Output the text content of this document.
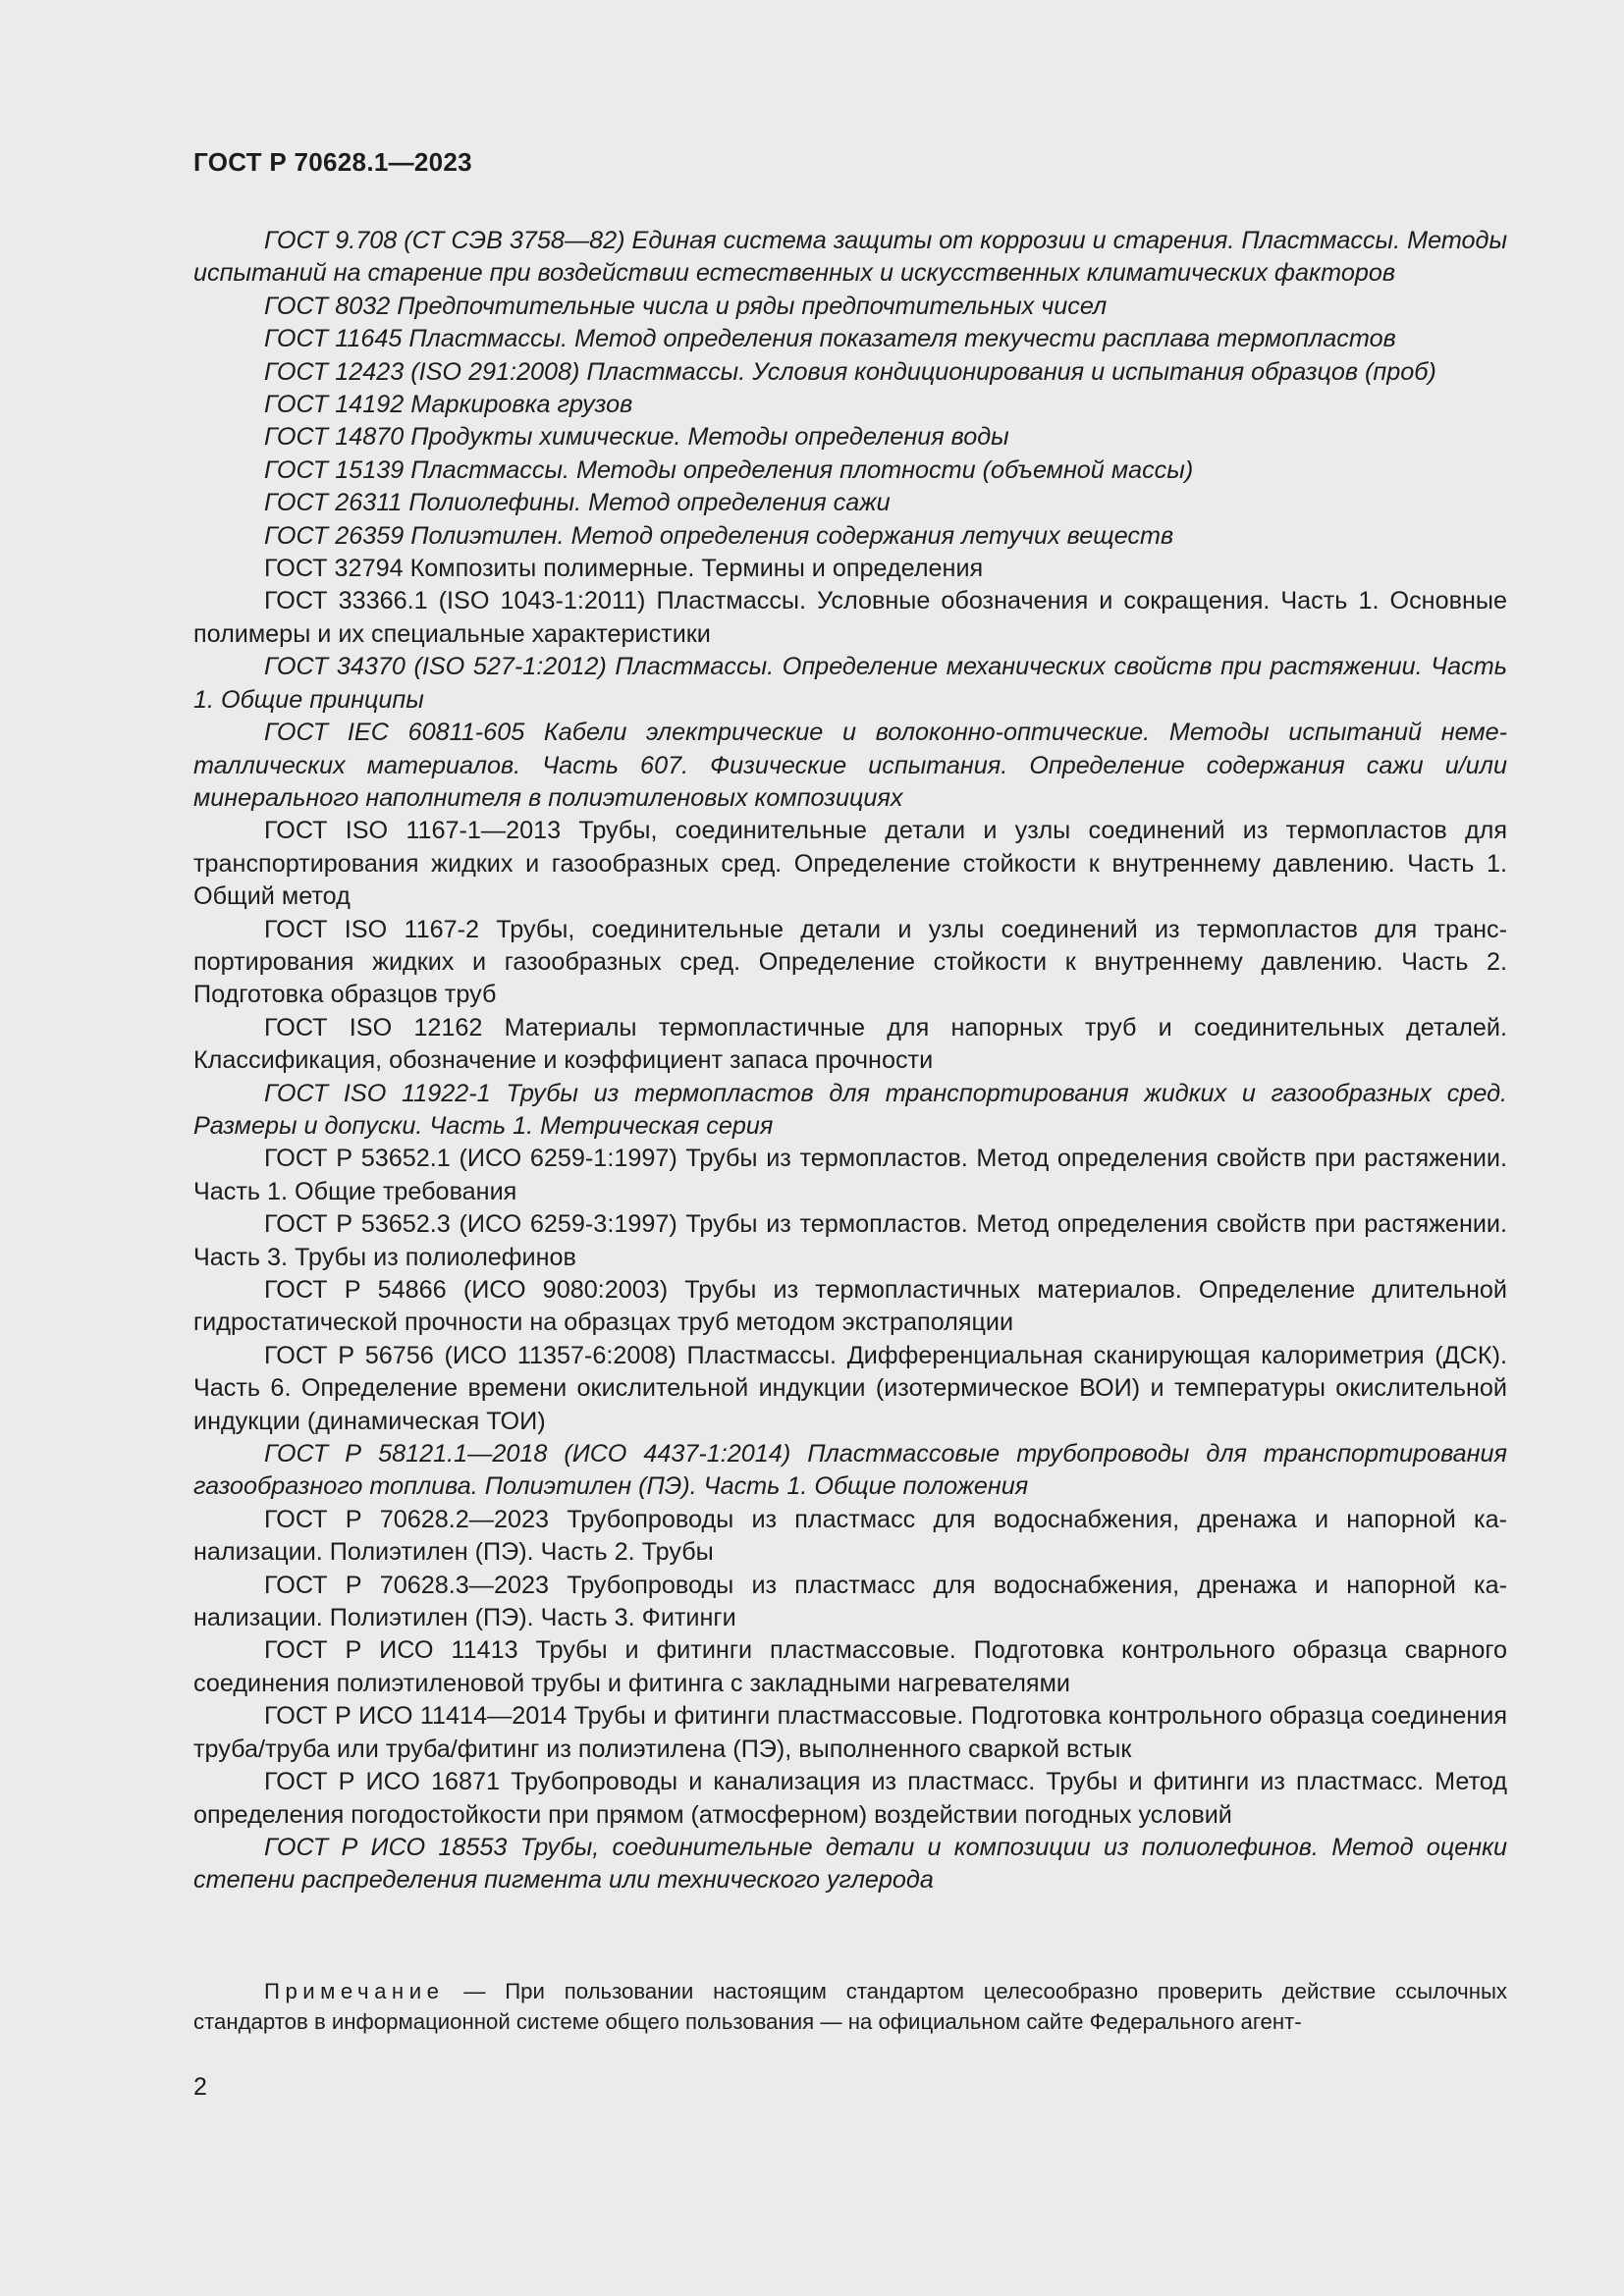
ГОСТ Р 70628.1—2023

ГОСТ 9.708 (СТ СЭВ 3758—82) Единая система защиты от коррозии и старения. Пластмассы. Методы испытаний на старение при воздействии естественных и искусственных климатических факторов

ГОСТ 8032 Предпочтительные числа и ряды предпочтительных чисел

ГОСТ 11645 Пластмассы. Метод определения показателя текучести расплава термопластов

ГОСТ 12423 (ISO 291:2008) Пластмассы. Условия кондиционирования и испытания образцов (проб)

ГОСТ 14192 Маркировка грузов

ГОСТ 14870 Продукты химические. Методы определения воды

ГОСТ 15139 Пластмассы. Методы определения плотности (объемной массы)

ГОСТ 26311 Полиолефины. Метод определения сажи

ГОСТ 26359 Полиэтилен. Метод определения содержания летучих веществ

ГОСТ 32794 Композиты полимерные. Термины и определения

ГОСТ 33366.1 (ISO 1043-1:2011) Пластмассы. Условные обозначения и сокращения. Часть 1. Основные полимеры и их специальные характеристики

ГОСТ 34370 (ISO 527-1:2012) Пластмассы. Определение механических свойств при растяжении. Часть 1. Общие принципы

ГОСТ IEC 60811-605 Кабели электрические и волоконно-оптические. Методы испытаний неметаллических материалов. Часть 607. Физические испытания. Определение содержания сажи и/или минерального наполнителя в полиэтиленовых композициях

ГОСТ ISO 1167-1—2013 Трубы, соединительные детали и узлы соединений из термопластов для транспортирования жидких и газообразных сред. Определение стойкости к внутреннему давлению. Часть 1. Общий метод

ГОСТ ISO 1167-2 Трубы, соединительные детали и узлы соединений из термопластов для транспортирования жидких и газообразных сред. Определение стойкости к внутреннему давлению. Часть 2. Подготовка образцов труб

ГОСТ ISO 12162 Материалы термопластичные для напорных труб и соединительных деталей. Классификация, обозначение и коэффициент запаса прочности

ГОСТ ISO 11922-1 Трубы из термопластов для транспортирования жидких и газообразных сред. Размеры и допуски. Часть 1. Метрическая серия

ГОСТ Р 53652.1 (ИСО 6259-1:1997) Трубы из термопластов. Метод определения свойств при растяжении. Часть 1. Общие требования

ГОСТ Р 53652.3 (ИСО 6259-3:1997) Трубы из термопластов. Метод определения свойств при растяжении. Часть 3. Трубы из полиолефинов

ГОСТ Р 54866 (ИСО 9080:2003) Трубы из термопластичных материалов. Определение длительной гидростатической прочности на образцах труб методом экстраполяции

ГОСТ Р 56756 (ИСО 11357-6:2008) Пластмассы. Дифференциальная сканирующая калориметрия (ДСК). Часть 6. Определение времени окислительной индукции (изотермическое ВОИ) и температуры окислительной индукции (динамическая ТОИ)

ГОСТ Р 58121.1—2018 (ИСО 4437-1:2014) Пластмассовые трубопроводы для транспортирования газообразного топлива. Полиэтилен (ПЭ). Часть 1. Общие положения

ГОСТ Р 70628.2—2023 Трубопроводы из пластмасс для водоснабжения, дренажа и напорной канализации. Полиэтилен (ПЭ). Часть 2. Трубы

ГОСТ Р 70628.3—2023 Трубопроводы из пластмасс для водоснабжения, дренажа и напорной канализации. Полиэтилен (ПЭ). Часть 3. Фитинги

ГОСТ Р ИСО 11413 Трубы и фитинги пластмассовые. Подготовка контрольного образца сварного соединения полиэтиленовой трубы и фитинга с закладными нагревателями

ГОСТ Р ИСО 11414—2014 Трубы и фитинги пластмассовые. Подготовка контрольного образца соединения труба/труба или труба/фитинг из полиэтилена (ПЭ), выполненного сваркой встык

ГОСТ Р ИСО 16871 Трубопроводы и канализация из пластмасс. Трубы и фитинги из пластмасс. Метод определения погодостойкости при прямом (атмосферном) воздействии погодных условий

ГОСТ Р ИСО 18553 Трубы, соединительные детали и композиции из полиолефинов. Метод оценки степени распределения пигмента или технического углерода

Примечание — При пользовании настоящим стандартом целесообразно проверить действие ссылочных стандартов в информационной системе общего пользования — на официальном сайте Федерального агент-

2
